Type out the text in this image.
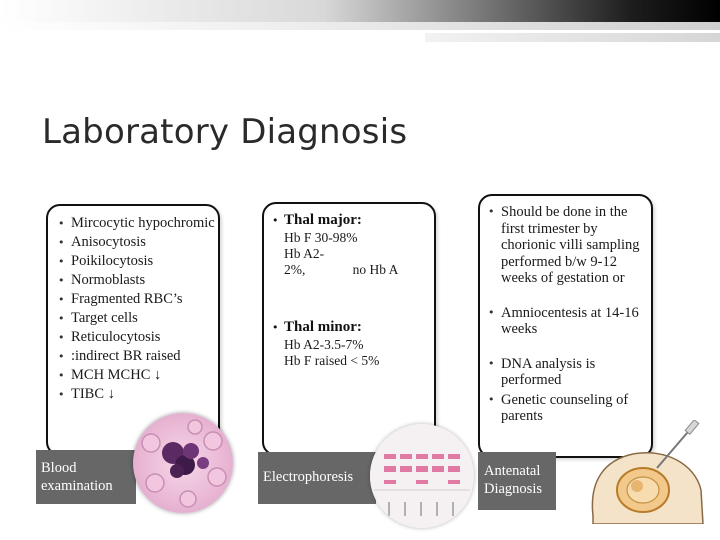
Laboratory Diagnosis
• Mircocytic hypochromic
• Anisocytosis
• Poikilocytosis
• Normoblasts
• Fragmented RBC’s
• Target cells
• Reticulocytosis
• :indirect BR raised
• MCH MCHC ↓
• TIBC ↓
Blood examination
• Thal major:
Hb F 30-98%
Hb A2-
2%,              no Hb A
• Thal minor:
Hb A2-3.5-7%
Hb F raised < 5%
Electrophoresis
• Should be done in the first trimester by chorionic villi sampling performed b/w 9-12 weeks of gestation or
• Amniocentesis at 14-16 weeks
• DNA analysis is performed
• Genetic counseling of parents
Antenatal Diagnosis
